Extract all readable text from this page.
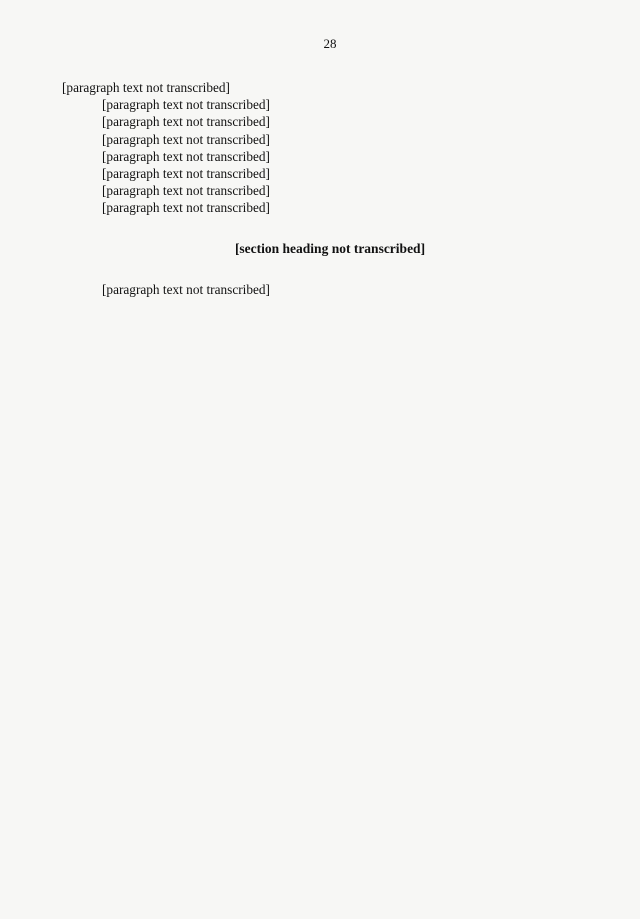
28

[paragraph text not transcribed]

[paragraph text not transcribed]

[paragraph text not transcribed]

[paragraph text not transcribed]

[paragraph text not transcribed]

[paragraph text not transcribed]

[paragraph text not transcribed]

[paragraph text not transcribed]

[section heading not transcribed]

[paragraph text not transcribed]
